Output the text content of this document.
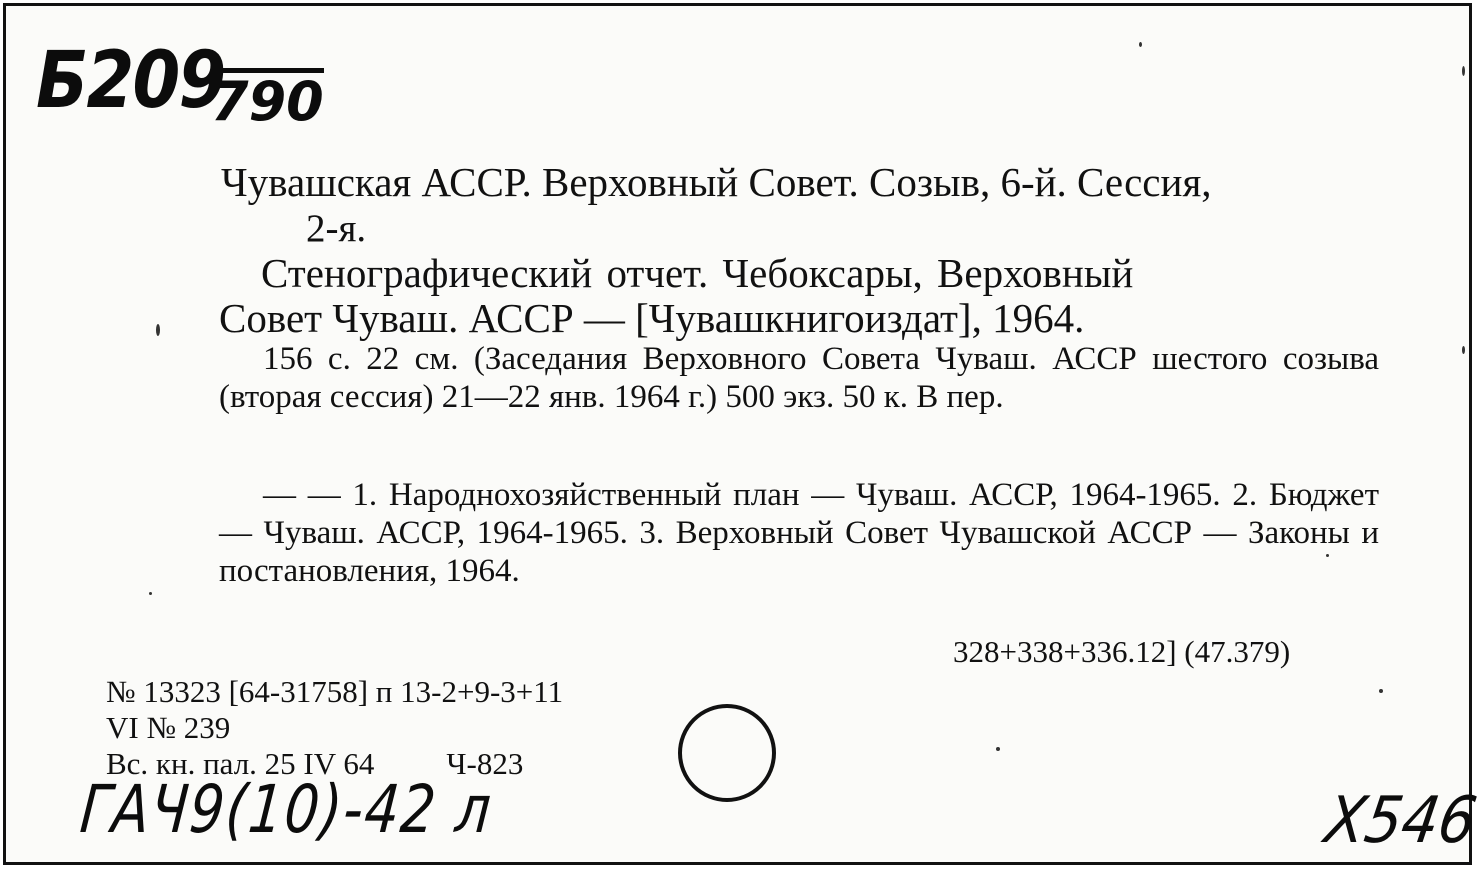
Б209
790
Чувашская АССР. Верховный Совет. Созыв, 6-й. Сессия,
2-я.
Стенографический отчет. Чебоксары, Верховный
Совет Чуваш. АССР — [Чувашкнигоиздат], 1964.
156 с. 22 см. (Заседания Верховного Совета Чуваш. АССР шестого созыва (вторая сессия) 21—22 янв. 1964 г.) 500 экз. 50 к. В пер.
— — 1. Народнохозяйственный план — Чуваш. АССР, 1964-1965. 2. Бюджет — Чуваш. АССР, 1964-1965. 3. Верховный Совет Чувашской АССР — Законы и постановления, 1964.
328+338+336.12] (47.379)
№ 13323 [64-31758] п 13-2+9-3+11
VI № 239
Вс. кн. пал. 25 IV 64 Ч-823
ГАЧ9(10)-42 л	X546
